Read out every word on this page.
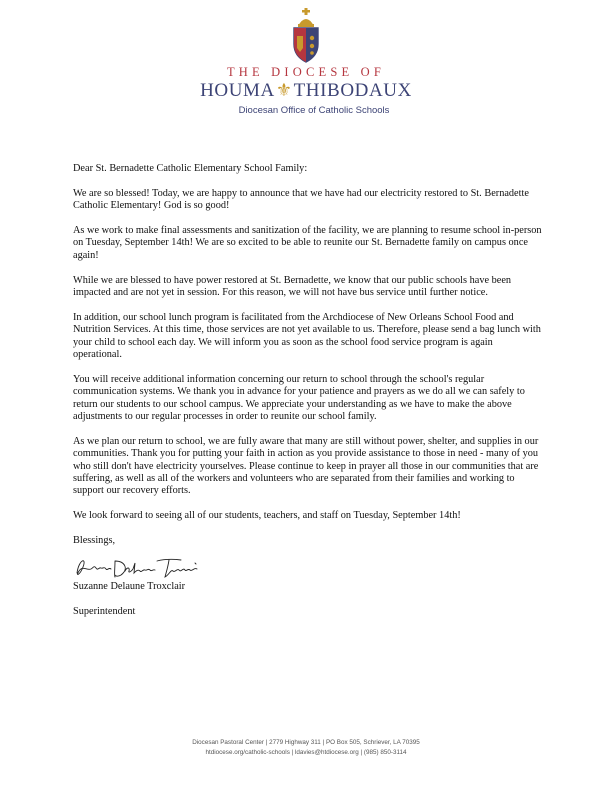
THE DIOCESE OF
HOUMA⚜THIBODAUX
Diocesan Office of Catholic Schools

Dear St. Bernadette Catholic Elementary School Family:

We are so blessed! Today, we are happy to announce that we have had our electricity restored to St. Bernadette Catholic Elementary! God is so good!

As we work to make final assessments and sanitization of the facility, we are planning to resume school in-person on Tuesday, September 14th! We are so excited to be able to reunite our St. Bernadette family on campus once again!

While we are blessed to have power restored at St. Bernadette, we know that our public schools have been impacted and are not yet in session. For this reason, we will not have bus service until further notice.

In addition, our school lunch program is facilitated from the Archdiocese of New Orleans School Food and Nutrition Services. At this time, those services are not yet available to us. Therefore, please send a bag lunch with your child to school each day. We will inform you as soon as the school food service program is again operational.

You will receive additional information concerning our return to school through the school's regular communication systems. We thank you in advance for your patience and prayers as we do all we can safely to return our students to our school campus. We appreciate your understanding as we have to make the above adjustments to our regular processes in order to reunite our school family.

As we plan our return to school, we are fully aware that many are still without power, shelter, and supplies in our communities. Thank you for putting your faith in action as you provide assistance to those in need - many of you who still don't have electricity yourselves. Please continue to keep in prayer all those in our communities that are suffering, as well as all of the workers and volunteers who are separated from their families and working to support our recovery efforts.

We look forward to seeing all of our students, teachers, and staff on Tuesday, September 14th!

Blessings,

Suzanne Delaune Troxclair

Superintendent

Diocesan Pastoral Center | 2779 Highway 311 | PO Box 505, Schriever, LA 70395
htdiocese.org/catholic-schools | ldavies@htdiocese.org | (985) 850-3114
